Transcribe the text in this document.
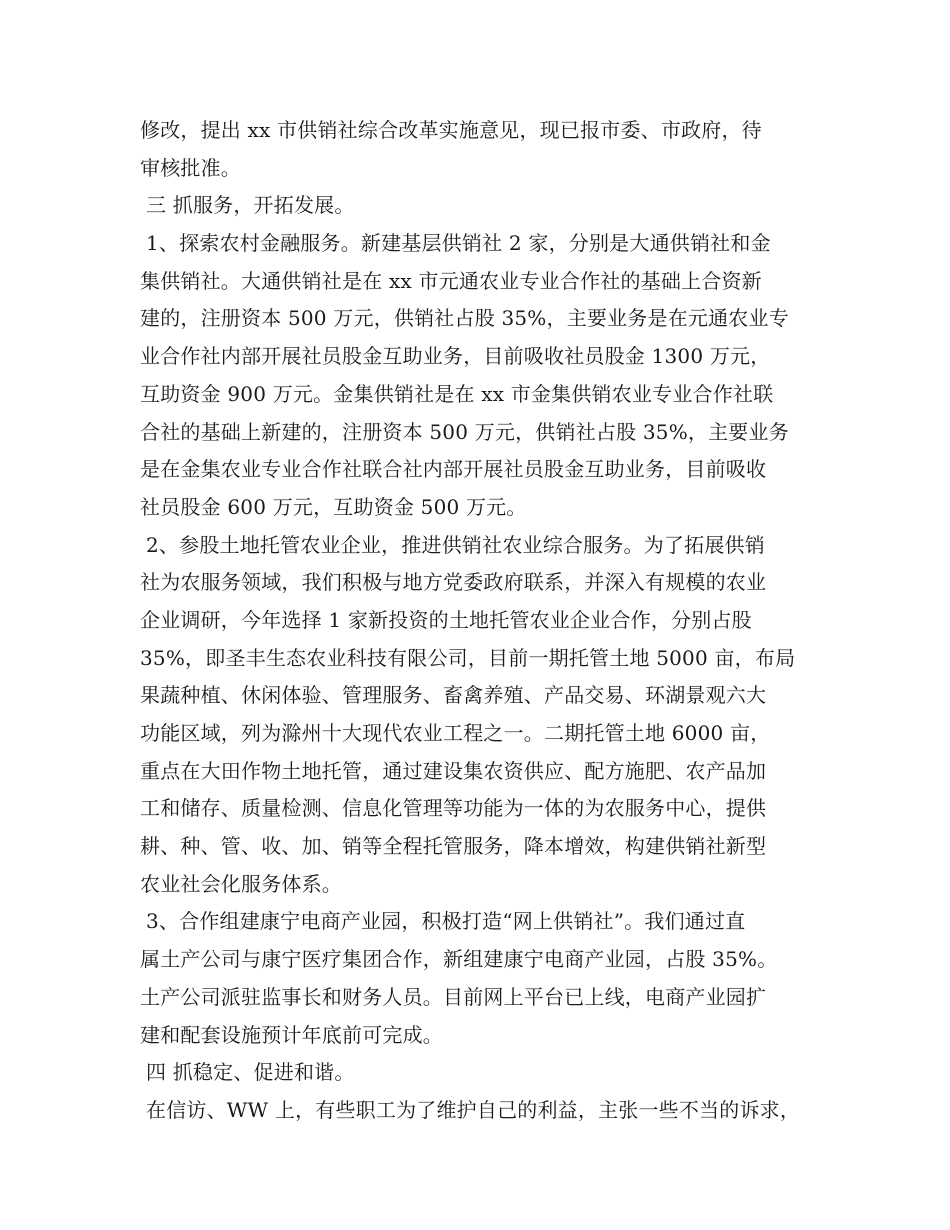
修改，提出 xx 市供销社综合改革实施意见，现已报市委、市政府，待
审核批准。
三 抓服务，开拓发展。
1、探索农村金融服务。新建基层供销社 2 家，分别是大通供销社和金
集供销社。大通供销社是在 xx 市元通农业专业合作社的基础上合资新
建的，注册资本 500 万元，供销社占股 35%，主要业务是在元通农业专
业合作社内部开展社员股金互助业务，目前吸收社员股金 1300 万元，
互助资金 900 万元。金集供销社是在 xx 市金集供销农业专业合作社联
合社的基础上新建的，注册资本 500 万元，供销社占股 35%，主要业务
是在金集农业专业合作社联合社内部开展社员股金互助业务，目前吸收
社员股金 600 万元，互助资金 500 万元。
2、参股土地托管农业企业，推进供销社农业综合服务。为了拓展供销
社为农服务领域，我们积极与地方党委政府联系，并深入有规模的农业
企业调研，今年选择 1 家新投资的土地托管农业企业合作，分别占股
35%，即圣丰生态农业科技有限公司，目前一期托管土地 5000 亩，布局
果蔬种植、休闲体验、管理服务、畜禽养殖、产品交易、环湖景观六大
功能区域，列为滁州十大现代农业工程之一。二期托管土地 6000 亩，
重点在大田作物土地托管，通过建设集农资供应、配方施肥、农产品加
工和储存、质量检测、信息化管理等功能为一体的为农服务中心，提供
耕、种、管、收、加、销等全程托管服务，降本增效，构建供销社新型
农业社会化服务体系。
3、合作组建康宁电商产业园，积极打造“网上供销社”。我们通过直
属土产公司与康宁医疗集团合作，新组建康宁电商产业园，占股 35%。
土产公司派驻监事长和财务人员。目前网上平台已上线，电商产业园扩
建和配套设施预计年底前可完成。
四 抓稳定、促进和谐。
在信访、WW 上，有些职工为了维护自己的利益，主张一些不当的诉求，
